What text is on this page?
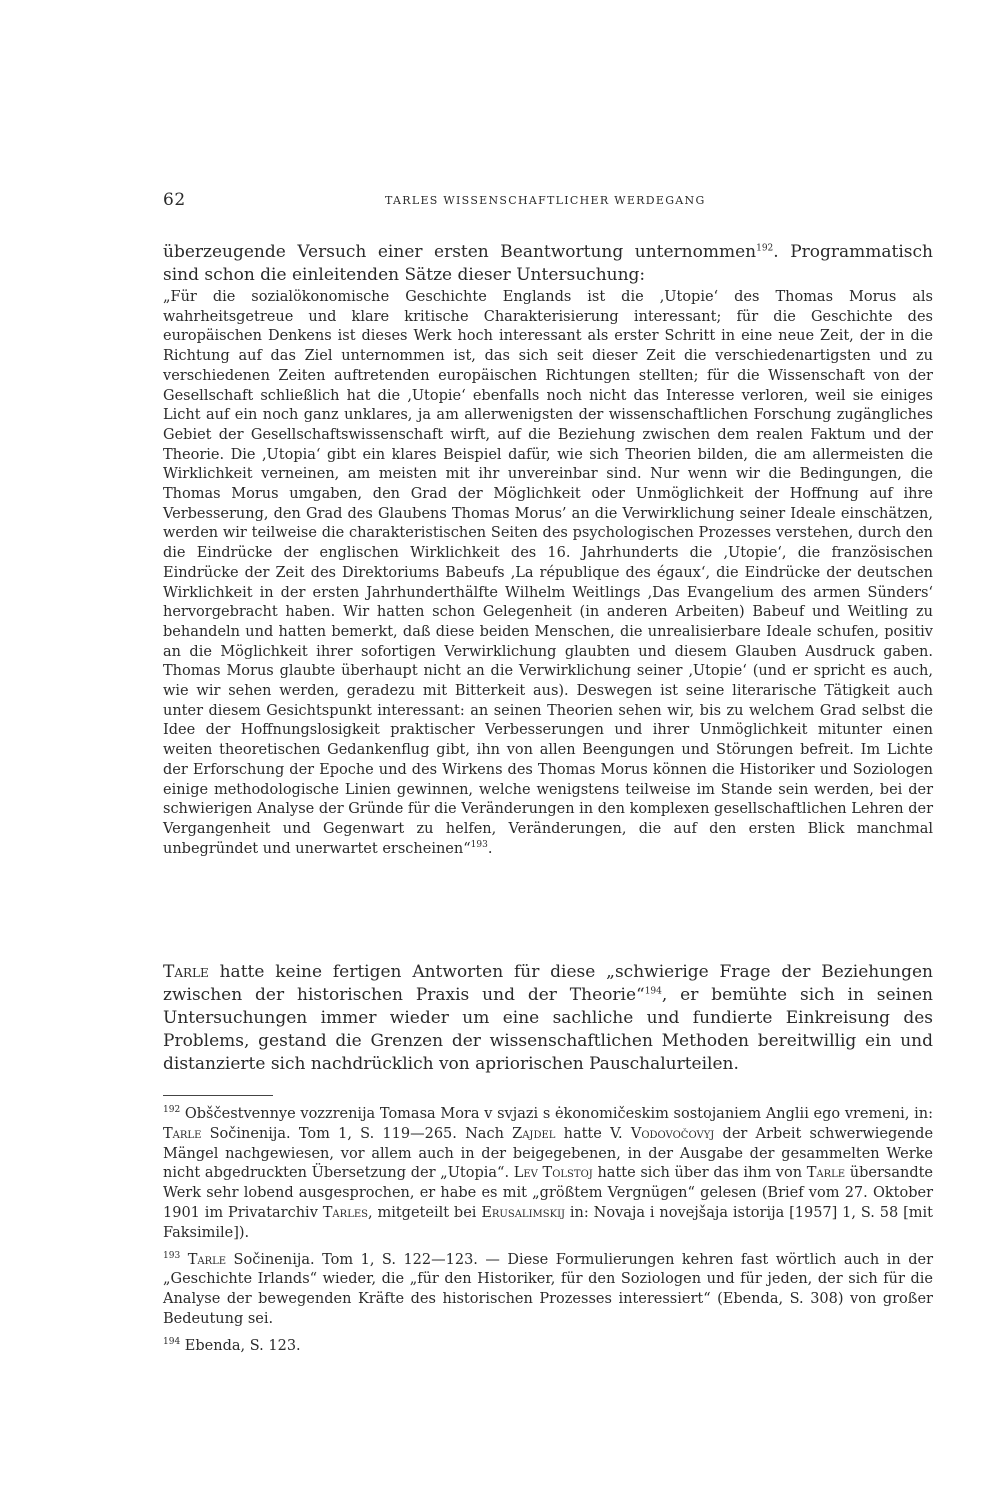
62	TARLES WISSENSCHAFTLICHER WERDEGANG

überzeugende Versuch einer ersten Beantwortung unternommen$^{192}$. Programmatisch sind schon die einleitenden Sätze dieser Untersuchung:

„Für die sozialökonomische Geschichte Englands ist die ‚Utopie‘ des Thomas Morus als wahrheitsgetreue und klare kritische Charakterisierung interessant; für die Geschichte des europäischen Denkens ist dieses Werk hoch interessant als erster Schritt in eine neue Zeit, der in die Richtung auf das Ziel unternommen ist, das sich seit dieser Zeit die verschiedenartigsten und zu verschiedenen Zeiten auftretenden europäischen Richtungen stellten; für die Wissenschaft von der Gesellschaft schließlich hat die ‚Utopie‘ ebenfalls noch nicht das Interesse verloren, weil sie einiges Licht auf ein noch ganz unklares, ja am allerwenigsten der wissenschaftlichen Forschung zugängliches Gebiet der Gesellschaftswissenschaft wirft, auf die Beziehung zwischen dem realen Faktum und der Theorie. Die ‚Utopia‘ gibt ein klares Beispiel dafür, wie sich Theorien bilden, die am allermeisten die Wirklichkeit verneinen, am meisten mit ihr unvereinbar sind. Nur wenn wir die Bedingungen, die Thomas Morus umgaben, den Grad der Möglichkeit oder Unmöglichkeit der Hoffnung auf ihre Verbesserung, den Grad des Glaubens Thomas Morus’ an die Verwirklichung seiner Ideale einschätzen, werden wir teilweise die charakteristischen Seiten des psychologischen Prozesses verstehen, durch den die Eindrücke der englischen Wirklichkeit des 16. Jahrhunderts die ‚Utopie‘, die französischen Eindrücke der Zeit des Direktoriums Babeufs ‚La république des égaux‘, die Eindrücke der deutschen Wirklichkeit in der ersten Jahrhunderthälfte Wilhelm Weitlings ‚Das Evangelium des armen Sünders‘ hervorgebracht haben. Wir hatten schon Gelegenheit (in anderen Arbeiten) Babeuf und Weitling zu behandeln und hatten bemerkt, daß diese beiden Menschen, die unrealisierbare Ideale schufen, positiv an die Möglichkeit ihrer sofortigen Verwirklichung glaubten und diesem Glauben Ausdruck gaben. Thomas Morus glaubte überhaupt nicht an die Verwirklichung seiner ‚Utopie‘ (und er spricht es auch, wie wir sehen werden, geradezu mit Bitterkeit aus). Deswegen ist seine literarische Tätigkeit auch unter diesem Gesichtspunkt interessant: an seinen Theorien sehen wir, bis zu welchem Grad selbst die Idee der Hoffnungslosigkeit praktischer Verbesserungen und ihrer Unmöglichkeit mitunter einen weiten theoretischen Gedankenflug gibt, ihn von allen Beengungen und Störungen befreit. Im Lichte der Erforschung der Epoche und des Wirkens des Thomas Morus können die Historiker und Soziologen einige methodologische Linien gewinnen, welche wenigstens teilweise im Stande sein werden, bei der schwierigen Analyse der Gründe für die Veränderungen in den komplexen gesellschaftlichen Lehren der Vergangenheit und Gegenwart zu helfen, Veränderungen, die auf den ersten Blick manchmal unbegründet und unerwartet erscheinen“$^{193}$.

Tarle hatte keine fertigen Antworten für diese „schwierige Frage der Beziehungen zwischen der historischen Praxis und der Theorie“$^{194}$, er bemühte sich in seinen Untersuchungen immer wieder um eine sachliche und fundierte Einkreisung des Problems, gestand die Grenzen der wissenschaftlichen Methoden bereitwillig ein und distanzierte sich nachdrücklich von apriorischen Pauschalurteilen.

$^{192}$ Obščestvennye vozzrenija Tomasa Mora v svjazi s ėkonomičeskim sostojaniem Anglii ego vremeni, in: Tarle Sočinenija. Tom 1, S. 119—265. Nach Zajdel hatte V. Vodovočovyj der Arbeit schwerwiegende Mängel nachgewiesen, vor allem auch in der beigegebenen, in der Ausgabe der gesammelten Werke nicht abgedruckten Übersetzung der „Utopia“. Lev Tolstoj hatte sich über das ihm von Tarle übersandte Werk sehr lobend ausgesprochen, er habe es mit „größtem Vergnügen“ gelesen (Brief vom 27. Oktober 1901 im Privatarchiv Tarles, mitgeteilt bei Erusalimskij in: Novaja i novejšaja istorija [1957] 1, S. 58 [mit Faksimile]).

$^{193}$ Tarle Sočinenija. Tom 1, S. 122—123. — Diese Formulierungen kehren fast wörtlich auch in der „Geschichte Irlands“ wieder, die „für den Historiker, für den Soziologen und für jeden, der sich für die Analyse der bewegenden Kräfte des historischen Prozesses interessiert“ (Ebenda, S. 308) von großer Bedeutung sei.

$^{194}$ Ebenda, S. 123.
